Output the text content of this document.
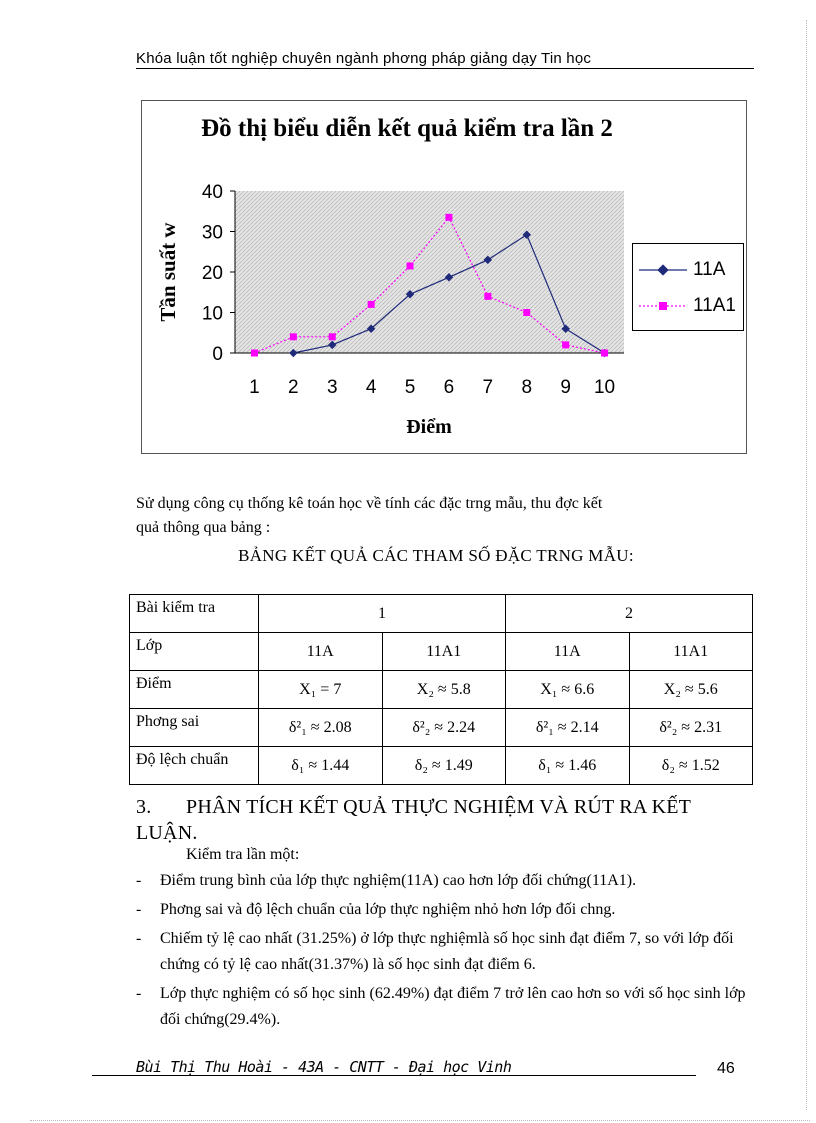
Khóa luận tốt nghiệp chuyên ngành phơng pháp giảng dạy Tin học
Đồ thị biểu diễn kết quả kiểm tra lần 2
0
10
20
30
40
1 2 3 4 5 6 7 8 9 10
Tần suất w
Điểm
11A
11A1
Sử dụng công cụ thống kê toán học về tính các đặc trng mẫu, thu đợc kết
quả thông qua bảng :
BẢNG KẾT QUẢ CÁC THAM SỐ ĐẶC TRNG MẪU:
Bài kiểm tra	1		2	
Lớp	11A	11A1	11A	11A1
Điểm	X₁ = 7	X₂ ≈ 5.8	X₁ ≈ 6.6	X₂ ≈ 5.6
Phơng sai	δ²₁ ≈ 2.08	δ²₂ ≈ 2.24	δ²₁ ≈ 2.14	δ²₂ ≈ 2.31
Độ lệch chuẩn	δ₁ ≈ 1.44	δ₂ ≈ 1.49	δ₁ ≈ 1.46	δ₂ ≈ 1.52
3. PHÂN TÍCH KẾT QUẢ THỰC NGHIỆM VÀ RÚT RA KẾT LUẬN.
Kiểm tra lần một:
- Điểm trung bình của lớp thực nghiệm(11A) cao hơn lớp đối chứng(11A1).
- Phơng sai và độ lệch chuẩn của lớp thực nghiệm nhỏ hơn lớp đối chng.
- Chiếm tỷ lệ cao nhất (31.25%) ở lớp thực nghiệmlà số học sinh đạt điểm 7, so với lớp đối chứng có tỷ lệ cao nhất(31.37%) là số học sinh đạt điểm 6.
- Lớp thực nghiệm có số học sinh (62.49%) đạt điểm 7 trở lên cao hơn so với số học sinh lớp đối chứng(29.4%).
Bùi Thị Thu Hoài - 43A - CNTT - Đại học Vinh	46
